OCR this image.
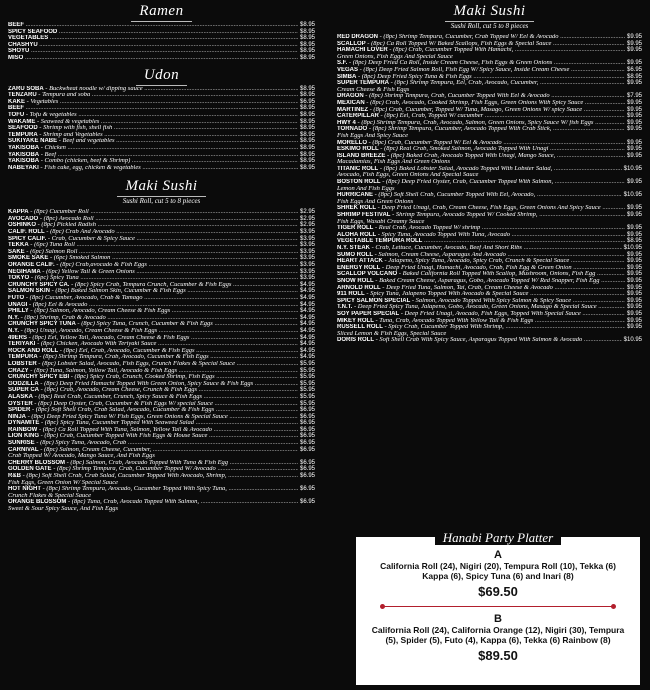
Ramen
BEEF .....	$8.95
SPICY SEAFOOD .....	$8.95
VEGETABLES .....	$8.95
CHASHYU .....	$8.95
SHOYU .....	$8.95
MISO .....	$8.95
Udon
ZARU SOBA - Buckwheat noodle w/ dipping sauce .....	$8.95
TENZARU - Tempura and soba .....	$8.95
KAKE - Vegetables .....	$6.95
BEEF .....	$8.95
TOFU - Tofu & vegetables .....	$8.95
WAKAME - Seaweed & vegetables .....	$8.95
SEAFOOD - Shrimp with fish, shell fish .....	$8.95
TEMPURA - Shrimp and Vegetables .....	$8.95
SUKIYAKE NABE - Beef and vegetables .....	$8.95
YAKISOBA - Chicken .....	$8.95
YAKISOBA - Beef .....	$8.95
YAKISOBA - Combo (chicken, beef & Shrimp) .....	$8.95
NABEYAKI - Fish cake, egg, chicken & vegetables .....	$8.95
Maki Sushi
Sushi Roll, cut 5 to 8 pieces
KAPPA - (8pc) Cucumber Roll .....	$2.95
AVOCADO - (8pc) Avocado Roll .....	$2.95
OSHINKO - (8pc) Pickled Radish .....	$2.95
CALIF. ROLL - (8pc) Crab And Avocado .....	$3.95
SPICY CALIF. - Crab, Cucumber & Spicy Sauce .....	$3.95
TEKKA - (6pc) Tuna Roll .....	$3.95
SAKE - (6pc) Salmon Roll .....	$3.95
SMOKE SAKE - (6pc) Smoked Salmon .....	$3.95
ORANGE CALIF. - (8pc) Crab,avocado & Fish Eggs .....	$3.95
NEGIHAMA - (6pc) Yellow Tail & Green Onions .....	$3.95
TOKYO - (6pc) Spicy Tuna .....	$3.95
CRUNCHY SPICY CA. - (8pc) Spicy Crab, Tempura Crunch, Cucumber & Fish Eggs .....	$4.95
SALMON SKIN - (8pc) Baked Salmon Skin, Cucumber & Fish Eggs .....	$4.95
FUTO - (8pc) Cucumber, Avocado, Crab & Tamago .....	$4.95
UNAGI - (8pc) Eel & Avocado .....	$4.95
PHILLY - (8pc) Salmon, Avocado, Cream Cheese & Fish Eggs .....	$4.95
N.Y. - (8pc) Shrimp, Crab & Avocado .....	$4.95
CRUNCHY SPICY TUNA - (8pc) Spicy Tuna, Crunch, Cucumber & Fish Eggs .....	$4.95
N.Y. - (8pc) Unagi, Avocado, Cream Cheese & Fish Eggs .....	$4.95
49ERS - (8pc) Eel, Yellow Tail, Avocado, Cream Cheese & Fish Eggs .....	$4.95
TERIYAKI - (8pc) Chicken, Avocado With Teriyaki Sauce .....	$4.95
ROCK AND ROLL - (8pc) Eel, Crab, Avocado, Cucumber & Fish Eggs .....	$4.95
TEMPURA - (8pc) Shrimp Tempura, Crab, Avocado, Cucumber & Fish Eggs .....	$4.95
LOBSTER - (8pc) Lobster Salad, Avocado, Fish Eggs, Crunch Flakes & Special Sauce .....	$5.95
CRAZY - (8pc) Tuna, Salmon, Yellow Tail, Avocado & Fish Eggs .....	$5.95
CRUNCHY SPICY EBI - (8pc) Spicy Crab, Crunch, Cooked Shrimp, Fish Eggs .....	$5.95
GODZILLA - (8pc) Deep Fried Hamachi Topped With Green Onion, Spicy Sauce & Fish Eggs .....	$5.95
SUPER CA - (8pc) Crab, Avocado, Cream Cheese, Crunch & Fish Eggs .....	$5.95
ALASKA - (8pc) Real Crab, Cucumber, Crunch, Spicy Sauce & Fish Eggs .....	$5.95
OYSTER - (8pc) Deep Oyster, Crab, Cucumber & Fish Eggs W/ special Sauce .....	$5.95
SPIDER - (8pc) Soft Shell Crab, Crab Salad, Avocado, Cucumber & Fish Eggs .....	$6.95
NINJA - (8pc) Deep Fried Spicy Tuna W/ Fish Eggs, Green Onions & Special Sauce .....	$6.95
DYNAMITE - (8pc) Spicy Tuna, Cucumber Topped With Seaweed Salad .....	$6.95
RAINBOW - (8pc) Ca Roll Topped With Tuna, Salmon, Yellow Tail & Avocado .....	$6.95
LION KING - (8pc) Crab, Cucumber Topped With Fish Eggs & House Sauce .....	$6.95
SUNRISE - (8pc) Spicy Tuna, Avocado, Crab .....	$6.95
CARNIVAL - (8pc) Salmon, Cream Cheese, Cucumber, .....	$6.95
Crab Topped W/ Avocado, Mango Sauce, And Fish Eggs
CHERRY BLOSSOM - (8pc) Salmon, Crab, Avocado Topped With Tuna & Fish Egg .....	$6.95
GOLDEN GATE - (8pc) Shrimp Tempura, Crab, Cucumber Topped W/ Avocado .....	$6.95
R&B - (8pc) Soft Shell Crab, Crab Salad, Cucumber Topped With Avocado, Shrimp, .....	$6.95
Fish Eggs, Green Onion W/ Special Sauce
HOT NIGHT - (8pc) Shrimp Tempura, Avocado, Cucumber Topped With Spicy Tuna, .....	$6.95
Crunch Flakes & Special Sauce
ORANGE BLOSSOM - (8pc) Tuna, Crab, Avocado Topped With Salmon, .....	$6.95
Sweet & Sour Spicy Sauce, And Fish Eggs
Maki Sushi
Sushi Roll, cut 5 to 8 pieces
RED DRAGON - (8pc) Shrimp Tempura, Cucumber, Crab Topped W/ Eel & Avocado .....	$9.95
SCALLOP - (8pc) Ca Roll Topped W/ Baked Scallops, Fish Eggs & Special Sauce .....	$9.95
HAMACHI LOVER - (8pc) Crab, Cucumber Topped With Hamachi, .....	$9.95
Green Onions, Fish Eggs And Special Sauce
S.F. - (8pc) Deep Fried Ca Roll, Inside Cream Cheese, Fish Eggs & Green Onions .....	$9.95
VEGAS - (8pc) Deep Fried Salmon Roll, Fish Egg W/ Spicy Sauce, Inside Cream Cheese .....	$6.95
SIMBA - (8pc) Deep Fried Spicy Tuna & Fish Eggs .....	$8.95
SUPER TEMPURA - (8pc) Shrimp Tempura, Eel, Crab, Avocado, Cucumber, .....	$9.95
Cream Cheese & Fish Eggs
DRAGON - (8pc) Shrimp Tempura, Crab, Cucumber Topped With Eel & Avocado .....	$7.95
MEXICAN - (8pc) Crab, Avocado, Cooked Shrimp, Fish Eggs, Green Onions With Spicy Sauce .....	$9.95
MARTINEZ - (8pc) Crab, Cucumber, Topped W/ Tuna, Masago, Green Onions W/ spicy Sauce .....	$9.95
CATERPILLAR - (8pc) Eel, Crab, Topped W/ cucumber .....	$9.95
HWY 4 - (8pc) Shrimp Tempura, Crab, Avocado, Salmon, Green Onions, Spicy Sauce W/ fish Eggs .....	$9.95
TORNADO - (8pc) Shrimp Tempura, Cucumber, Avocado Topped With Crab Stick, .....	$9.95
Fish Eggs And Spicy Sauce
MORELLO - (8pc) Crab, Cucumber Topped W/ Eel & Avocado .....	$9.95
ESKIMO ROLL - (8pc) Real Crab, Smoked Salmon, Avocado Topped With Unagi .....	$9.95
ISLAND BREEZE - (8pc) Baked Crab, Avocado Topped With Unagi, Mango Sauce, .....	$9.95
Macadamias, Fish Eggs And Green Onions
TITANIC ROLL - (8pc) Baked Lobster Salad, Avocado Topped With Lobster Salad, .....	$10.95
Avocado, Fish Eggs, Green Onions And Special Sauce
BOSTON ROLL - (8pc) Deep Fried Oyster, Crab, Cucumber Topped With Salmon, .....	$9.95
Lemon And Fish Eggs
HURRICANE - (8pc) Soft Shell Crab, Cucumber Topped With Eel, Avocado, .....	$10.95
Fish Eggs And Green Onions
SHREK ROLL - Deep Fried Unagi, Crab, Cream Cheese, Fish Eggs, Green Onions And Spicy Sauce .....	$9.95
SHRIMP FESTIVAL - Shrimp Tempura, Avocado Topped W/ Cooked Shrimp, .....	$9.95
Fish Eggs, Wasabi Creamy Sauce
TIGER ROLL - Real Crab, Avocado Topped W/ shrimp .....	$9.95
ALOHA ROLL - Spicy Tuna, Avocado Topped With Tuna, Avocado .....	$9.95
VEGETABLE TEMPURA ROLL .....	$8.95
N.Y. STEAK - Crab, Lettuce, Cucumber, Avocado, Beef And Short Ribs .....	$10.95
SUMO ROLL - Salmon, Cream Cheese, Asparagus And Avocado .....	$9.95
HEART ATTACK - Jalapeno, Spicy Tuna, Avocado, Spicy Crab, Crunch & Special Sauce .....	$9.95
ENERGY ROLL - Deep Fried Unagi, Hamachi, Avocado, Crab, Fish Egg & Green Onion .....	$9.95
SCALLOP VOLCANO - Baked California Roll Topped With Scallop, Mushroom, Onions, Fish Egg .....	$9.95
SNOW ROLL - Baked Cream Cheese, Asparagus, Gobo, Avocado Topped W/ Red Snapper, Fish Egg .....	$9.95
ARNOLD ROLL - Deep Fried Tuna, Salmon, Tai, Crab, Cream Cheese & Avocado .....	$9.95
911 ROLL - Spicy Tuna, Jalapeno Topped With Avocado & Special Sauce .....	$9.95
SPICY SALMON SPECIAL - Salmon, Avocado Topped With Spicy Salmon & Spicy Sauce .....	$9.95
T.N.T. - Deep Fried Spicy Tuna, Jalapeno, Gobo, Avocado, Green Onions, Masago & Special Sauce .....	$9.95
SOY PAPER SPECIAL - Deep Fried Unagi, Avocado, Fish Eggs, Topped With Special Sauce .....	$9.95
MIKEY ROLL - Tuna, Crab, Avocado Topped With Yellow Tail & Fish Eggs .....	$9.95
RUSSELL ROLL - Spicy Crab, Cucumber Topped With Shrimp, .....	$9.95
Sliced Lemon & Fish Eggs, Special Sauce
DORIS ROLL - Soft Shell Crab With Spicy Sauce, Asparagus Topped With Salmon & Avocado .....	$10.95
Hanabi Party Platter
A
California Roll (24), Nigiri (20), Tempura Roll (10), Tekka (6) Kappa (6), Spicy Tuna (6) and Inari (8)
$69.50
B
California Roll (24), California Orange (12), Nigiri (30), Tempura (5), Spider (5), Futo (4), Kappa (6), Tekka (6) Rainbow (8)
$89.50
